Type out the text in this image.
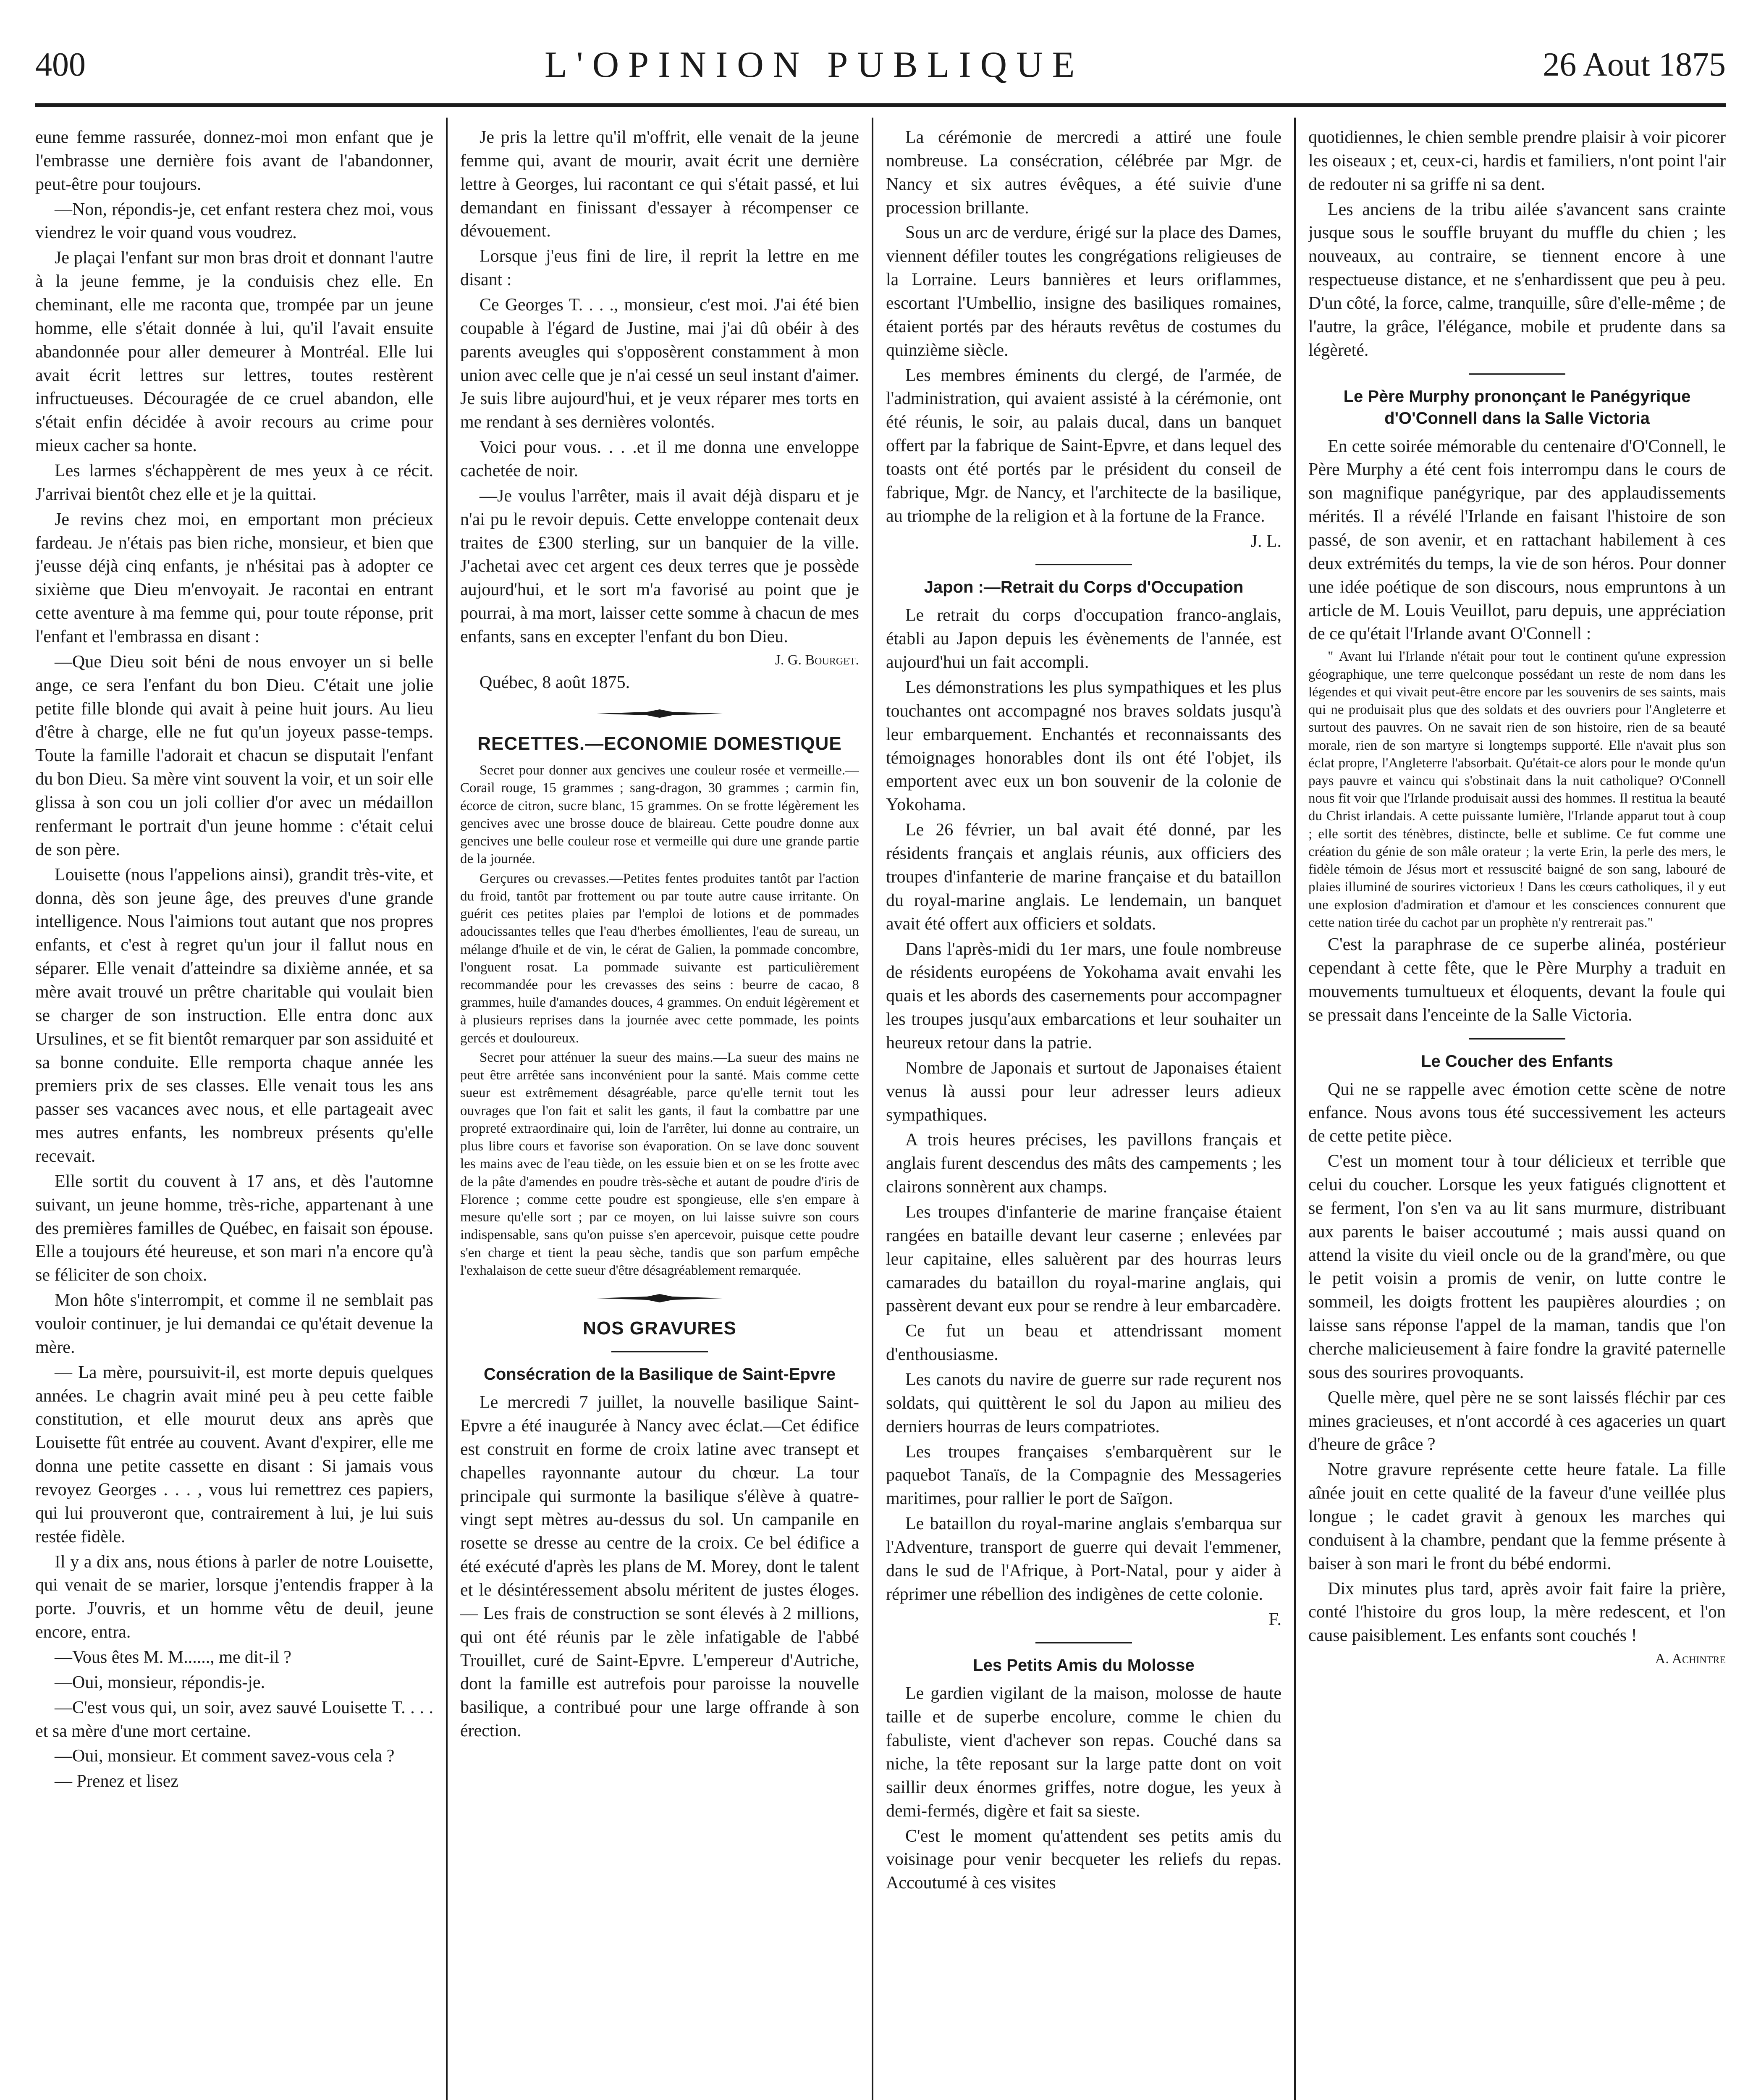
400	L'OPINION PUBLIQUE	26 Aout 1875

eune femme rassurée, donnez-moi mon enfant que je l'embrasse une dernière fois avant de l'abandonner, peut-être pour toujours.

—Non, répondis-je, cet enfant restera chez moi, vous viendrez le voir quand vous voudrez.

Je plaçai l'enfant sur mon bras droit et donnant l'autre à la jeune femme, je la conduisis chez elle. En cheminant, elle me raconta que, trompée par un jeune homme, elle s'était donnée à lui, qu'il l'avait ensuite abandonnée pour aller demeurer à Montréal. Elle lui avait écrit lettres sur lettres, toutes restèrent infructueuses. Découragée de ce cruel abandon, elle s'était enfin décidée à avoir recours au crime pour mieux cacher sa honte.

Les larmes s'échappèrent de mes yeux à ce récit. J'arrivai bientôt chez elle et je la quittai.

Je revins chez moi, en emportant mon précieux fardeau. Je n'étais pas bien riche, monsieur, et bien que j'eusse déjà cinq enfants, je n'hésitai pas à adopter ce sixième que Dieu m'envoyait. Je racontai en entrant cette aventure à ma femme qui, pour toute réponse, prit l'enfant et l'embrassa en disant :

—Que Dieu soit béni de nous envoyer un si belle ange, ce sera l'enfant du bon Dieu. C'était une jolie petite fille blonde qui avait à peine huit jours. Au lieu d'être à charge, elle ne fut qu'un joyeux passe-temps. Toute la famille l'adorait et chacun se disputait l'enfant du bon Dieu. Sa mère vint souvent la voir, et un soir elle glissa à son cou un joli collier d'or avec un médaillon renfermant le portrait d'un jeune homme : c'était celui de son père.

Louisette (nous l'appelions ainsi), grandit très-vite, et donna, dès son jeune âge, des preuves d'une grande intelligence. Nous l'aimions tout autant que nos propres enfants, et c'est à regret qu'un jour il fallut nous en séparer. Elle venait d'atteindre sa dixième année, et sa mère avait trouvé un prêtre charitable qui voulait bien se charger de son instruction. Elle entra donc aux Ursulines, et se fit bientôt remarquer par son assiduité et sa bonne conduite. Elle remporta chaque année les premiers prix de ses classes. Elle venait tous les ans passer ses vacances avec nous, et elle partageait avec mes autres enfants, les nombreux présents qu'elle recevait.

Elle sortit du couvent à 17 ans, et dès l'automne suivant, un jeune homme, très-riche, appartenant à une des premières familles de Québec, en faisait son épouse. Elle a toujours été heureuse, et son mari n'a encore qu'à se féliciter de son choix.

Mon hôte s'interrompit, et comme il ne semblait pas vouloir continuer, je lui demandai ce qu'était devenue la mère.

— La mère, poursuivit-il, est morte depuis quelques années. Le chagrin avait miné peu à peu cette faible constitution, et elle mourut deux ans après que Louisette fût entrée au couvent. Avant d'expirer, elle me donna une petite cassette en disant : Si jamais vous revoyez Georges . . . , vous lui remettrez ces papiers, qui lui prouveront que, contrairement à lui, je lui suis restée fidèle.

Il y a dix ans, nous étions à parler de notre Louisette, qui venait de se marier, lorsque j'entendis frapper à la porte. J'ouvris, et un homme vêtu de deuil, jeune encore, entra.

—Vous êtes M. M......, me dit-il ?

—Oui, monsieur, répondis-je.

—C'est vous qui, un soir, avez sauvé Louisette T. . . . et sa mère d'une mort certaine.

—Oui, monsieur. Et comment savez-vous cela ?

— Prenez et lisez

Je pris la lettre qu'il m'offrit, elle venait de la jeune femme qui, avant de mourir, avait écrit une dernière lettre à Georges, lui racontant ce qui s'était passé, et lui demandant en finissant d'essayer à récompenser ce dévouement.

Lorsque j'eus fini de lire, il reprit la lettre en me disant :

Ce Georges T. . . ., monsieur, c'est moi. J'ai été bien coupable à l'égard de Justine, mai j'ai dû obéir à des parents aveugles qui s'opposèrent constamment à mon union avec celle que je n'ai cessé un seul instant d'aimer. Je suis libre aujourd'hui, et je veux réparer mes torts en me rendant à ses dernières volontés.

Voici pour vous. . . .et il me donna une enveloppe cachetée de noir.

—Je voulus l'arrêter, mais il avait déjà disparu et je n'ai pu le revoir depuis. Cette enveloppe contenait deux traites de £300 sterling, sur un banquier de la ville. J'achetai avec cet argent ces deux terres que je possède aujourd'hui, et le sort m'a favorisé au point que je pourrai, à ma mort, laisser cette somme à chacun de mes enfants, sans en excepter l'enfant du bon Dieu.

J. G. Bourget.

Québec, 8 août 1875.

RECETTES.—ECONOMIE DOMESTIQUE

Secret pour donner aux gencives une couleur rosée et vermeille.—Corail rouge, 15 grammes ; sang-dragon, 30 grammes ; carmin fin, écorce de citron, sucre blanc, 15 grammes. On se frotte légèrement les gencives avec une brosse douce de blaireau. Cette poudre donne aux gencives une belle couleur rose et vermeille qui dure une grande partie de la journée.

Gerçures ou crevasses.—Petites fentes produites tantôt par l'action du froid, tantôt par frottement ou par toute autre cause irritante. On guérit ces petites plaies par l'emploi de lotions et de pommades adoucissantes telles que l'eau d'herbes émollientes, l'eau de sureau, un mélange d'huile et de vin, le cérat de Galien, la pommade concombre, l'onguent rosat. La pommade suivante est particulièrement recommandée pour les crevasses des seins : beurre de cacao, 8 grammes, huile d'amandes douces, 4 grammes. On enduit légèrement et à plusieurs reprises dans la journée avec cette pommade, les points gercés et douloureux.

Secret pour atténuer la sueur des mains.—La sueur des mains ne peut être arrêtée sans inconvénient pour la santé. Mais comme cette sueur est extrêmement désagréable, parce qu'elle ternit tout les ouvrages que l'on fait et salit les gants, il faut la combattre par une propreté extraordinaire qui, loin de l'arrêter, lui donne au contraire, un plus libre cours et favorise son évaporation. On se lave donc souvent les mains avec de l'eau tiède, on les essuie bien et on se les frotte avec de la pâte d'amendes en poudre très-sèche et autant de poudre d'iris de Florence ; comme cette poudre est spongieuse, elle s'en empare à mesure qu'elle sort ; par ce moyen, on lui laisse suivre son cours indispensable, sans qu'on puisse s'en apercevoir, puisque cette poudre s'en charge et tient la peau sèche, tandis que son parfum empêche l'exhalaison de cette sueur d'être désagréablement remarquée.

NOS GRAVURES
Consécration de la Basilique de Saint-Epvre

Le mercredi 7 juillet, la nouvelle basilique Saint-Epvre a été inaugurée à Nancy avec éclat.—Cet édifice est construit en forme de croix latine avec transept et chapelles rayonnante autour du chœur. La tour principale qui surmonte la basilique s'élève à quatre-vingt sept mètres au-dessus du sol. Un campanile en rosette se dresse au centre de la croix. Ce bel édifice a été exécuté d'après les plans de M. Morey, dont le talent et le désintéressement absolu méritent de justes éloges. — Les frais de construction se sont élevés à 2 millions, qui ont été réunis par le zèle infatigable de l'abbé Trouillet, curé de Saint-Epvre. L'empereur d'Autriche, dont la famille est autrefois pour paroisse la nouvelle basilique, a contribué pour une large offrande à son érection.

La cérémonie de mercredi a attiré une foule nombreuse. La consécration, célébrée par Mgr. de Nancy et six autres évêques, a été suivie d'une procession brillante.

Sous un arc de verdure, érigé sur la place des Dames, viennent défiler toutes les congrégations religieuses de la Lorraine. Leurs bannières et leurs oriflammes, escortant l'Umbellio, insigne des basiliques romaines, étaient portés par des hérauts revêtus de costumes du quinzième siècle.

Les membres éminents du clergé, de l'armée, de l'administration, qui avaient assisté à la cérémonie, ont été réunis, le soir, au palais ducal, dans un banquet offert par la fabrique de Saint-Epvre, et dans lequel des toasts ont été portés par le président du conseil de fabrique, Mgr. de Nancy, et l'architecte de la basilique, au triomphe de la religion et à la fortune de la France.

J. L.

Japon :—Retrait du Corps d'Occupation

Le retrait du corps d'occupation franco-anglais, établi au Japon depuis les évènements de l'année, est aujourd'hui un fait accompli.

Les démonstrations les plus sympathiques et les plus touchantes ont accompagné nos braves soldats jusqu'à leur embarquement. Enchantés et reconnaissants des témoignages honorables dont ils ont été l'objet, ils emportent avec eux un bon souvenir de la colonie de Yokohama.

Le 26 février, un bal avait été donné, par les résidents français et anglais réunis, aux officiers des troupes d'infanterie de marine française et du bataillon du royal-marine anglais. Le lendemain, un banquet avait été offert aux officiers et soldats.

Dans l'après-midi du 1er mars, une foule nombreuse de résidents européens de Yokohama avait envahi les quais et les abords des casernements pour accompagner les troupes jusqu'aux embarcations et leur souhaiter un heureux retour dans la patrie.

Nombre de Japonais et surtout de Japonaises étaient venus là aussi pour leur adresser leurs adieux sympathiques.

A trois heures précises, les pavillons français et anglais furent descendus des mâts des campements ; les clairons sonnèrent aux champs.

Les troupes d'infanterie de marine française étaient rangées en bataille devant leur caserne ; enlevées par leur capitaine, elles saluèrent par des hourras leurs camarades du bataillon du royal-marine anglais, qui passèrent devant eux pour se rendre à leur embarcadère.

Ce fut un beau et attendrissant moment d'enthousiasme.

Les canots du navire de guerre sur rade reçurent nos soldats, qui quittèrent le sol du Japon au milieu des derniers hourras de leurs compatriotes.

Les troupes françaises s'embarquèrent sur le paquebot Tanaïs, de la Compagnie des Messageries maritimes, pour rallier le port de Saïgon.

Le bataillon du royal-marine anglais s'embarqua sur l'Adventure, transport de guerre qui devait l'emmener, dans le sud de l'Afrique, à Port-Natal, pour y aider à réprimer une rébellion des indigènes de cette colonie.

F.

Les Petits Amis du Molosse

Le gardien vigilant de la maison, molosse de haute taille et de superbe encolure, comme le chien du fabuliste, vient d'achever son repas. Couché dans sa niche, la tête reposant sur la large patte dont on voit saillir deux énormes griffes, notre dogue, les yeux à demi-fermés, digère et fait sa sieste.

C'est le moment qu'attendent ses petits amis du voisinage pour venir becqueter les reliefs du repas. Accoutumé à ces visites

quotidiennes, le chien semble prendre plaisir à voir picorer les oiseaux ; et, ceux-ci, hardis et familiers, n'ont point l'air de redouter ni sa griffe ni sa dent.

Les anciens de la tribu ailée s'avancent sans crainte jusque sous le souffle bruyant du muffle du chien ; les nouveaux, au contraire, se tiennent encore à une respectueuse distance, et ne s'enhardissent que peu à peu. D'un côté, la force, calme, tranquille, sûre d'elle-même ; de l'autre, la grâce, l'élégance, mobile et prudente dans sa légèreté.

Le Père Murphy prononçant le Panégyrique d'O'Connell dans la Salle Victoria

En cette soirée mémorable du centenaire d'O'Connell, le Père Murphy a été cent fois interrompu dans le cours de son magnifique panégyrique, par des applaudissements mérités. Il a révélé l'Irlande en faisant l'histoire de son passé, de son avenir, et en rattachant habilement à ces deux extrémités du temps, la vie de son héros. Pour donner une idée poétique de son discours, nous empruntons à un article de M. Louis Veuillot, paru depuis, une appréciation de ce qu'était l'Irlande avant O'Connell :

" Avant lui l'Irlande n'était pour tout le continent qu'une expression géographique, une terre quelconque possédant un reste de nom dans les légendes et qui vivait peut-être encore par les souvenirs de ses saints, mais qui ne produisait plus que des soldats et des ouvriers pour l'Angleterre et surtout des pauvres. On ne savait rien de son histoire, rien de sa beauté morale, rien de son martyre si longtemps supporté. Elle n'avait plus son éclat propre, l'Angleterre l'absorbait. Qu'était-ce alors pour le monde qu'un pays pauvre et vaincu qui s'obstinait dans la nuit catholique? O'Connell nous fit voir que l'Irlande produisait aussi des hommes. Il restitua la beauté du Christ irlandais. A cette puissante lumière, l'Irlande apparut tout à coup ; elle sortit des ténèbres, distincte, belle et sublime. Ce fut comme une création du génie de son mâle orateur ; la verte Erin, la perle des mers, le fidèle témoin de Jésus mort et ressuscité baigné de son sang, labouré de plaies illuminé de sourires victorieux ! Dans les cœurs catholiques, il y eut une explosion d'admiration et d'amour et les consciences connurent que cette nation tirée du cachot par un prophète n'y rentrerait pas."

C'est la paraphrase de ce superbe alinéa, postérieur cependant à cette fête, que le Père Murphy a traduit en mouvements tumultueux et éloquents, devant la foule qui se pressait dans l'enceinte de la Salle Victoria.

Le Coucher des Enfants

Qui ne se rappelle avec émotion cette scène de notre enfance. Nous avons tous été successivement les acteurs de cette petite pièce.

C'est un moment tour à tour délicieux et terrible que celui du coucher. Lorsque les yeux fatigués clignottent et se ferment, l'on s'en va au lit sans murmure, distribuant aux parents le baiser accoutumé ; mais aussi quand on attend la visite du vieil oncle ou de la grand'mère, ou que le petit voisin a promis de venir, on lutte contre le sommeil, les doigts frottent les paupières alourdies ; on laisse sans réponse l'appel de la maman, tandis que l'on cherche malicieusement à faire fondre la gravité paternelle sous des sourires provoquants.

Quelle mère, quel père ne se sont laissés fléchir par ces mines gracieuses, et n'ont accordé à ces agaceries un quart d'heure de grâce ?

Notre gravure représente cette heure fatale. La fille aînée jouit en cette qualité de la faveur d'une veillée plus longue ; le cadet gravit à genoux les marches qui conduisent à la chambre, pendant que la femme présente à baiser à son mari le front du bébé endormi.

Dix minutes plus tard, après avoir fait faire la prière, conté l'histoire du gros loup, la mère redescent, et l'on cause paisiblement. Les enfants sont couchés !

A. Achintre
